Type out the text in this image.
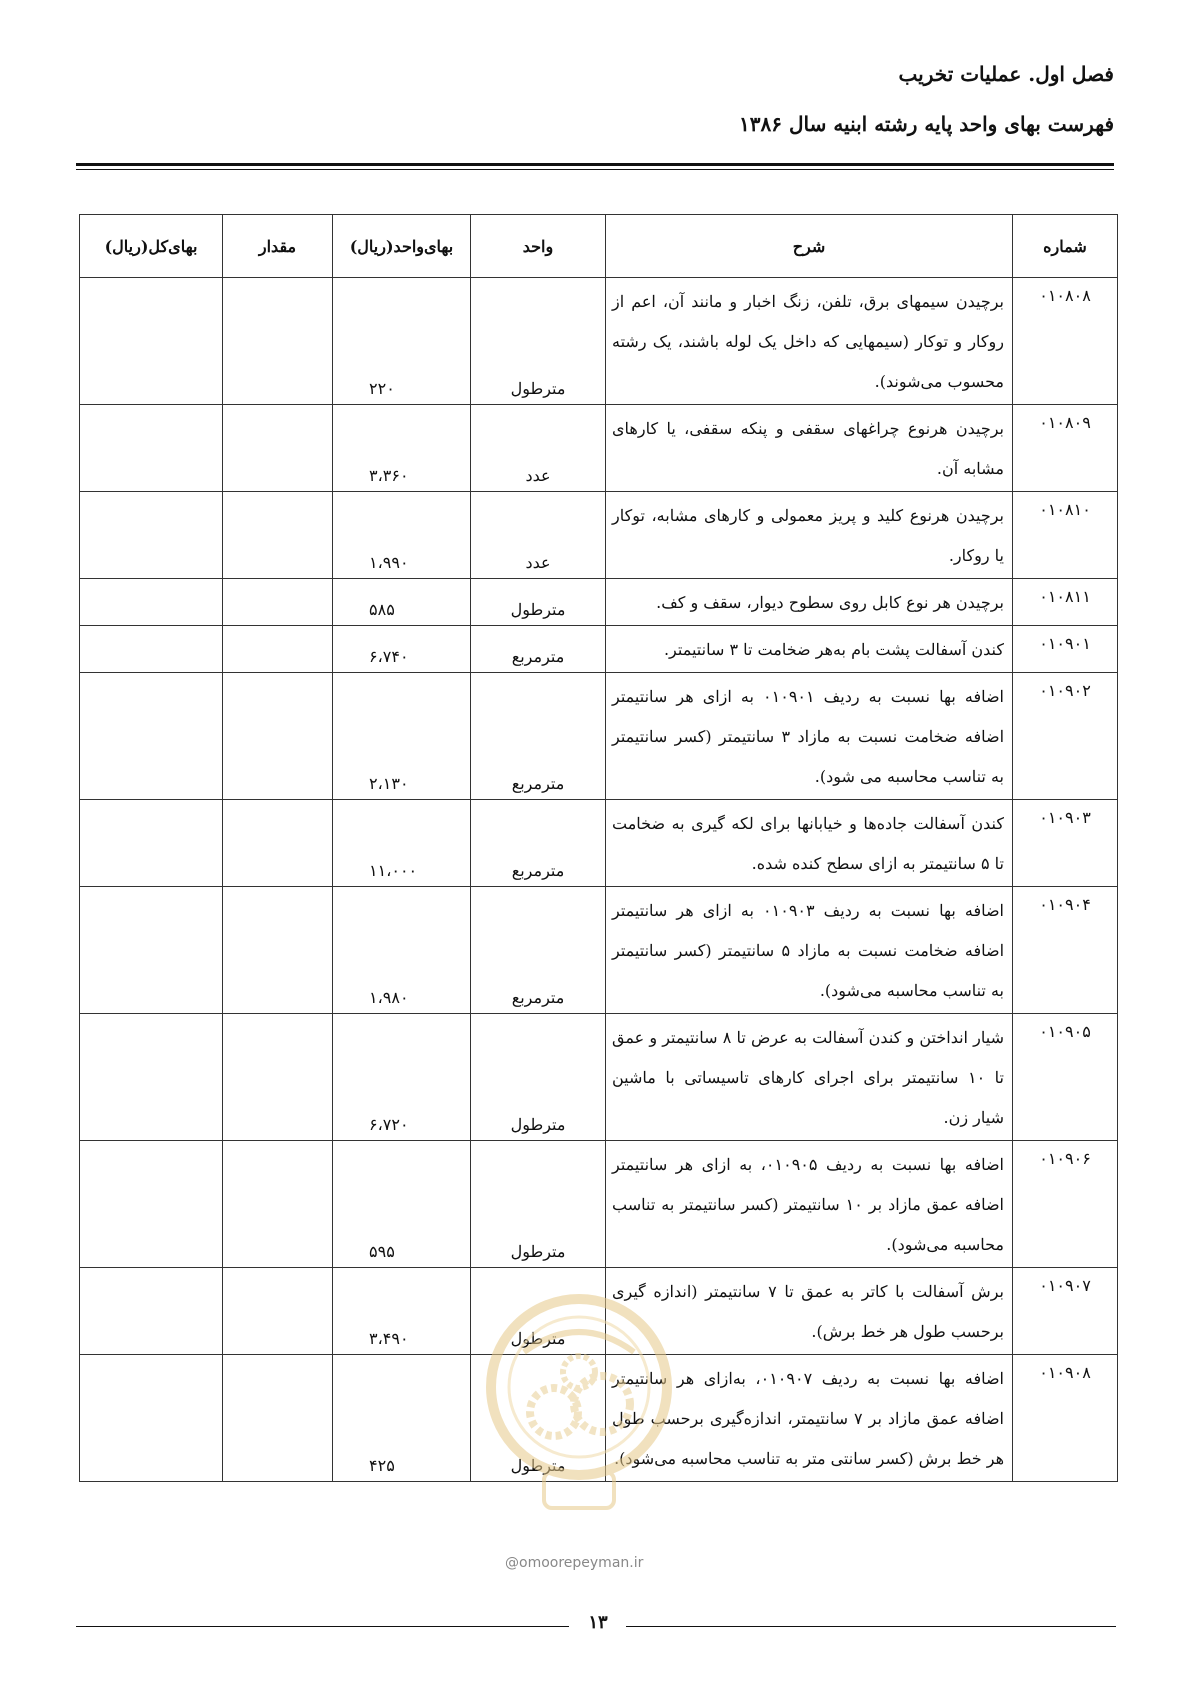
فصل اول. عملیات تخریب

فهرست بهای واحد پایه رشته ابنیه سال ۱۳۸۶

شماره	شرح	واحد	بهای‌واحد(ریال)	مقدار	بهای‌کل(ریال)
۰۱۰۸۰۸	برچیدن سیمهای برق، تلفن، زنگ اخبار و مانند آن، اعم از روکار و توکار (سیمهایی که داخل یک لوله باشند، یک رشته محسوب می‌شوند).	مترطول	۲۲۰		
۰۱۰۸۰۹	برچیدن هرنوع چراغهای سقفی و پنکه سقفی، یا کارهای مشابه آن.	عدد	۳،۳۶۰		
۰۱۰۸۱۰	برچیدن هرنوع کلید و پریز معمولی و کارهای مشابه، توکار یا روکار.	عدد	۱،۹۹۰		
۰۱۰۸۱۱	برچیدن هر نوع کابل روی سطوح دیوار، سقف و کف.	مترطول	۵۸۵		
۰۱۰۹۰۱	کندن آسفالت پشت بام به‌هر ضخامت تا ۳ سانتیمتر.	مترمربع	۶،۷۴۰		
۰۱۰۹۰۲	اضافه بها نسبت به ردیف ۰۱۰۹۰۱ به ازای هر سانتیمتر اضافه ضخامت نسبت به مازاد ۳ سانتیمتر (کسر سانتیمتر به تناسب محاسبه می شود).	مترمربع	۲،۱۳۰		
۰۱۰۹۰۳	کندن آسفالت جاده‌ها و خیابانها برای لکه گیری به ضخامت تا ۵ سانتیمتر به ازای سطح کنده شده.	مترمربع	۱۱،۰۰۰		
۰۱۰۹۰۴	اضافه بها نسبت به ردیف ۰۱۰۹۰۳ به ازای هر سانتیمتر اضافه ضخامت نسبت به مازاد ۵ سانتیمتر (کسر سانتیمتر به تناسب محاسبه می‌شود).	مترمربع	۱،۹۸۰		
۰۱۰۹۰۵	شیار انداختن و کندن آسفالت به عرض تا ۸ سانتیمتر و عمق تا ۱۰ سانتیمتر برای اجرای کارهای تاسیساتی با ماشین شیار زن.	مترطول	۶،۷۲۰		
۰۱۰۹۰۶	اضافه بها نسبت به ردیف ۰۱۰۹۰۵، به ازای هر سانتیمتر اضافه عمق مازاد بر ۱۰ سانتیمتر (کسر سانتیمتر به تناسب محاسبه می‌شود).	مترطول	۵۹۵		
۰۱۰۹۰۷	برش آسفالت با کاتر به عمق تا ۷ سانتیمتر (اندازه گیری برحسب طول هر خط برش).	مترطول	۳،۴۹۰		
۰۱۰۹۰۸	اضافه بها نسبت به ردیف ۰۱۰۹۰۷، به‌ازای هر سانتیمتر اضافه عمق مازاد بر ۷ سانتیمتر، اندازه‌گیری برحسب طول هر خط برش (کسر سانتی متر به تناسب محاسبه می‌شود).	مترطول	۴۲۵		
@omoorepeyman.ir
۱۳
